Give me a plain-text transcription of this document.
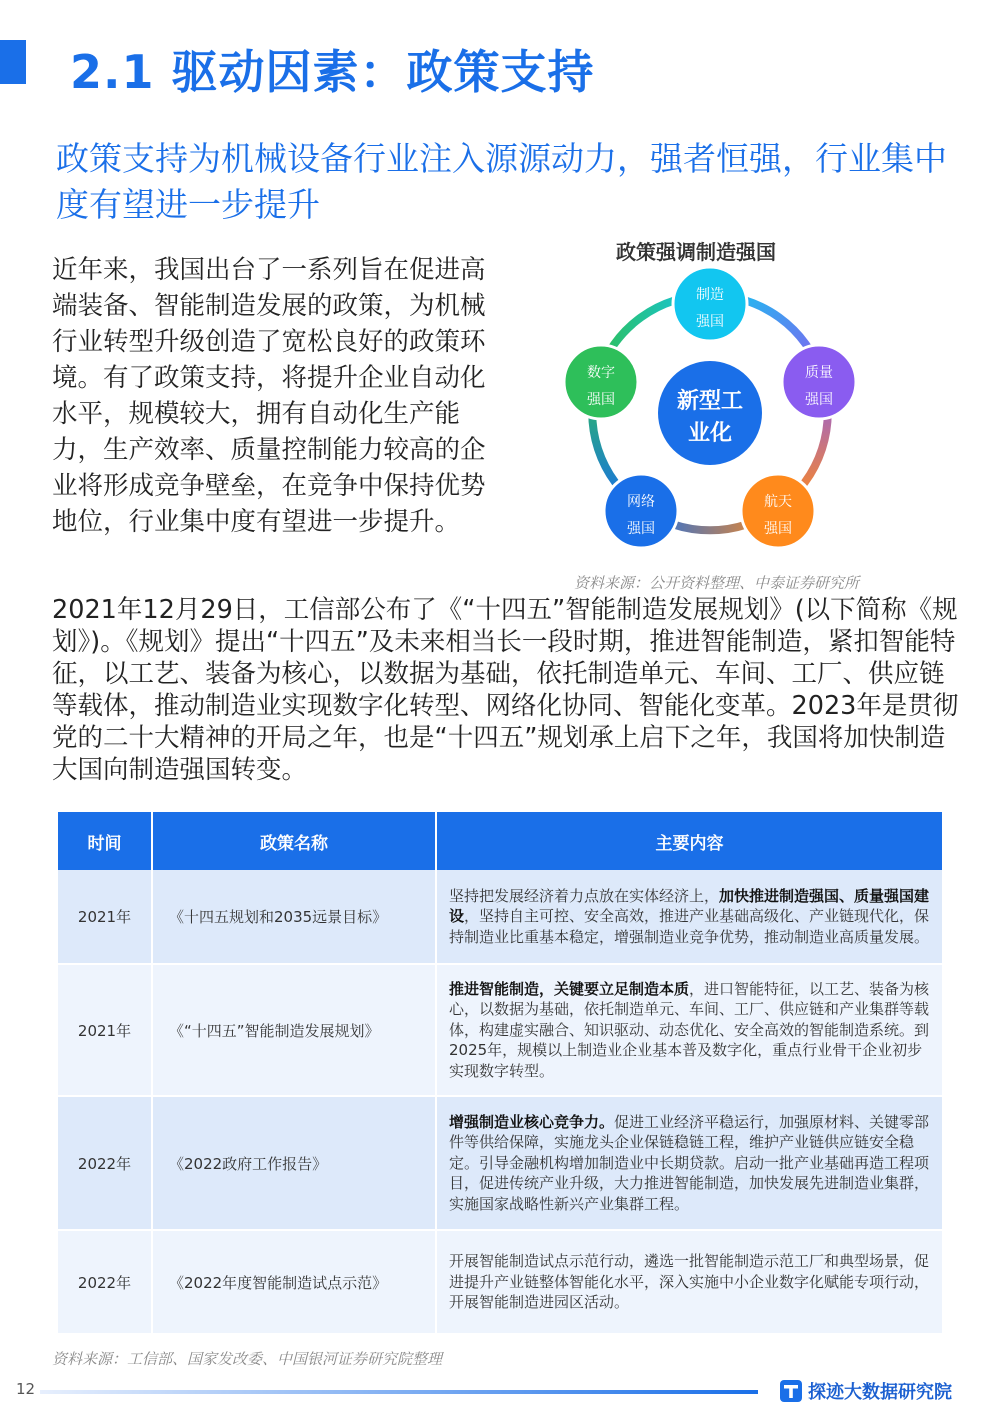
2.1 驱动因素：政策支持
政策支持为机械设备行业注入源源动力，强者恒强，行业集中度有望进一步提升

近年来，我国出台了一系列旨在促进高端装备、智能制造发展的政策，为机械行业转型升级创造了宽松良好的政策环境。有了政策支持，将提升企业自动化水平，规模较大，拥有自动化生产能力，生产效率、质量控制能力较高的企业将形成竞争壁垒，在竞争中保持优势地位，行业集中度有望进一步提升。

政策强调制造强国
新型工
业化
制造
强国
质量
强国
航天
强国
网络
强国
数字
强国
资料来源：公开资料整理、中泰证券研究所

2021年12月29日，工信部公布了《“十四五”智能制造发展规划》(以下简称《规划》)。《规划》提出“十四五”及未来相当长一段时期，推进智能制造，紧扣智能特征，以工艺、装备为核心，以数据为基础，依托制造单元、车间、工厂、供应链等载体，推动制造业实现数字化转型、网络化协同、智能化变革。2023年是贯彻党的二十大精神的开局之年，也是“十四五”规划承上启下之年，我国将加快制造大国向制造强国转变。

时间	政策名称	主要内容
2021年	《十四五规划和2035远景目标》	坚持把发展经济着力点放在实体经济上，加快推进制造强国、质量强国建设，坚持自主可控、安全高效，推进产业基础高级化、产业链现代化，保持制造业比重基本稳定，增强制造业竞争优势，推动制造业高质量发展。
2021年	《“十四五”智能制造发展规划》	推进智能制造，关键要立足制造本质，进口智能特征，以工艺、装备为核心，以数据为基础，依托制造单元、车间、工厂、供应链和产业集群等载体，构建虚实融合、知识驱动、动态优化、安全高效的智能制造系统。到2025年，规模以上制造业企业基本普及数字化，重点行业骨干企业初步实现数字转型。
2022年	《2022政府工作报告》	增强制造业核心竞争力。促进工业经济平稳运行，加强原材料、关键零部件等供给保障，实施龙头企业保链稳链工程，维护产业链供应链安全稳定。引导金融机构增加制造业中长期贷款。启动一批产业基础再造工程项目，促进传统产业升级，大力推进智能制造，加快发展先进制造业集群，实施国家战略性新兴产业集群工程。
2022年	《2022年度智能制造试点示范》	开展智能制造试点示范行动，遴选一批智能制造示范工厂和典型场景，促进提升产业链整体智能化水平，深入实施中小企业数字化赋能专项行动，开展智能制造进园区活动。
资料来源：工信部、国家发改委、中国银河证券研究院整理
12	探迹大数据研究院
